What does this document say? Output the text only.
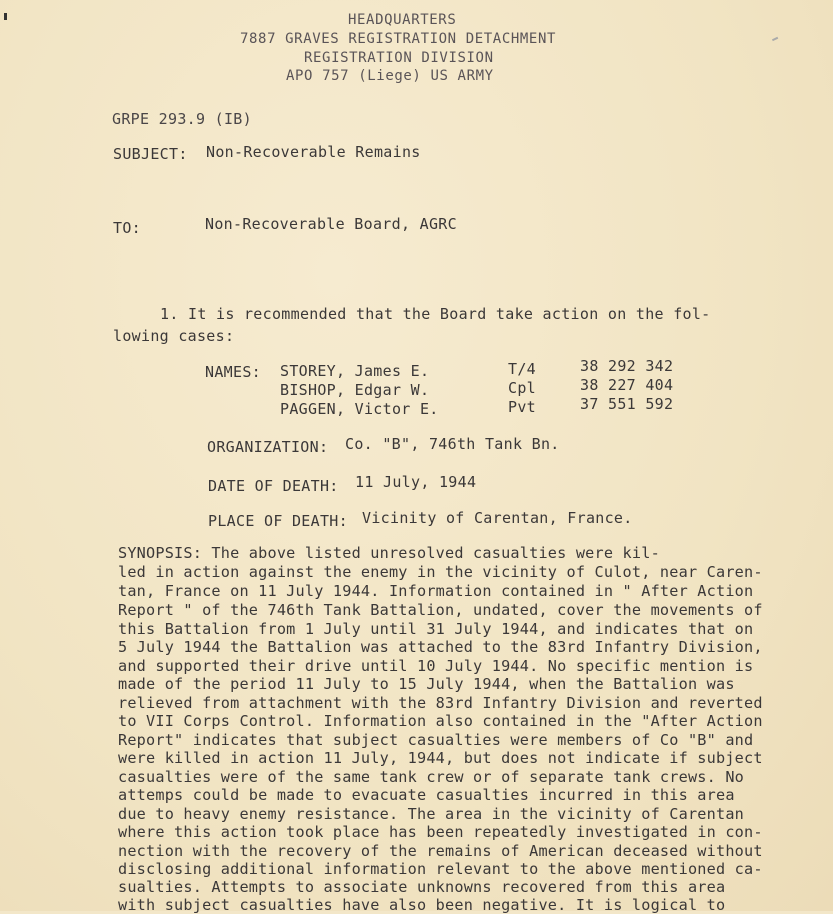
HEADQUARTERS
7887 GRAVES REGISTRATION DETACHMENT
REGISTRATION DIVISION
APO 757 (Liege) US ARMY
GRPE 293.9 (IB)
SUBJECT: Non-Recoverable Remains
TO:	Non-Recoverable Board, AGRC
1. It is recommended that the Board take action on the fol-
lowing cases:
NAMES: STOREY, James E.	T/4	38 292 342
BISHOP, Edgar W.	Cpl	38 227 404
PAGGEN, Victor E.	Pvt	37 551 592
ORGANIZATION: Co. "B", 746th Tank Bn.
DATE OF DEATH: 11 July, 1944
PLACE OF DEATH: Vicinity of Carentan, France.
SYNOPSIS: The above listed unresolved casualties were kil-
led in action against the enemy in the vicinity of Culot, near Caren-
tan, France on 11 July 1944. Information contained in " After Action
Report " of the 746th Tank Battalion, undated, cover the movements of
this Battalion from 1 July until 31 July 1944, and indicates that on
5 July 1944 the Battalion was attached to the 83rd Infantry Division,
and supported their drive until 10 July 1944. No specific mention is
made of the period 11 July to 15 July 1944, when the Battalion was
relieved from attachment with the 83rd Infantry Division and reverted
to VII Corps Control. Information also contained in the "After Action
Report" indicates that subject casualties were members of Co "B" and
were killed in action 11 July, 1944, but does not indicate if subject
casualties were of the same tank crew or of separate tank crews. No
attemps could be made to evacuate casualties incurred in this area
due to heavy enemy resistance. The area in the vicinity of Carentan
where this action took place has been repeatedly investigated in con-
nection with the recovery of the remains of American deceased without
disclosing additional information relevant to the above mentioned ca-
sualties. Attempts to associate unknowns recovered from this area
with subject casualties have also been negative. It is logical to
